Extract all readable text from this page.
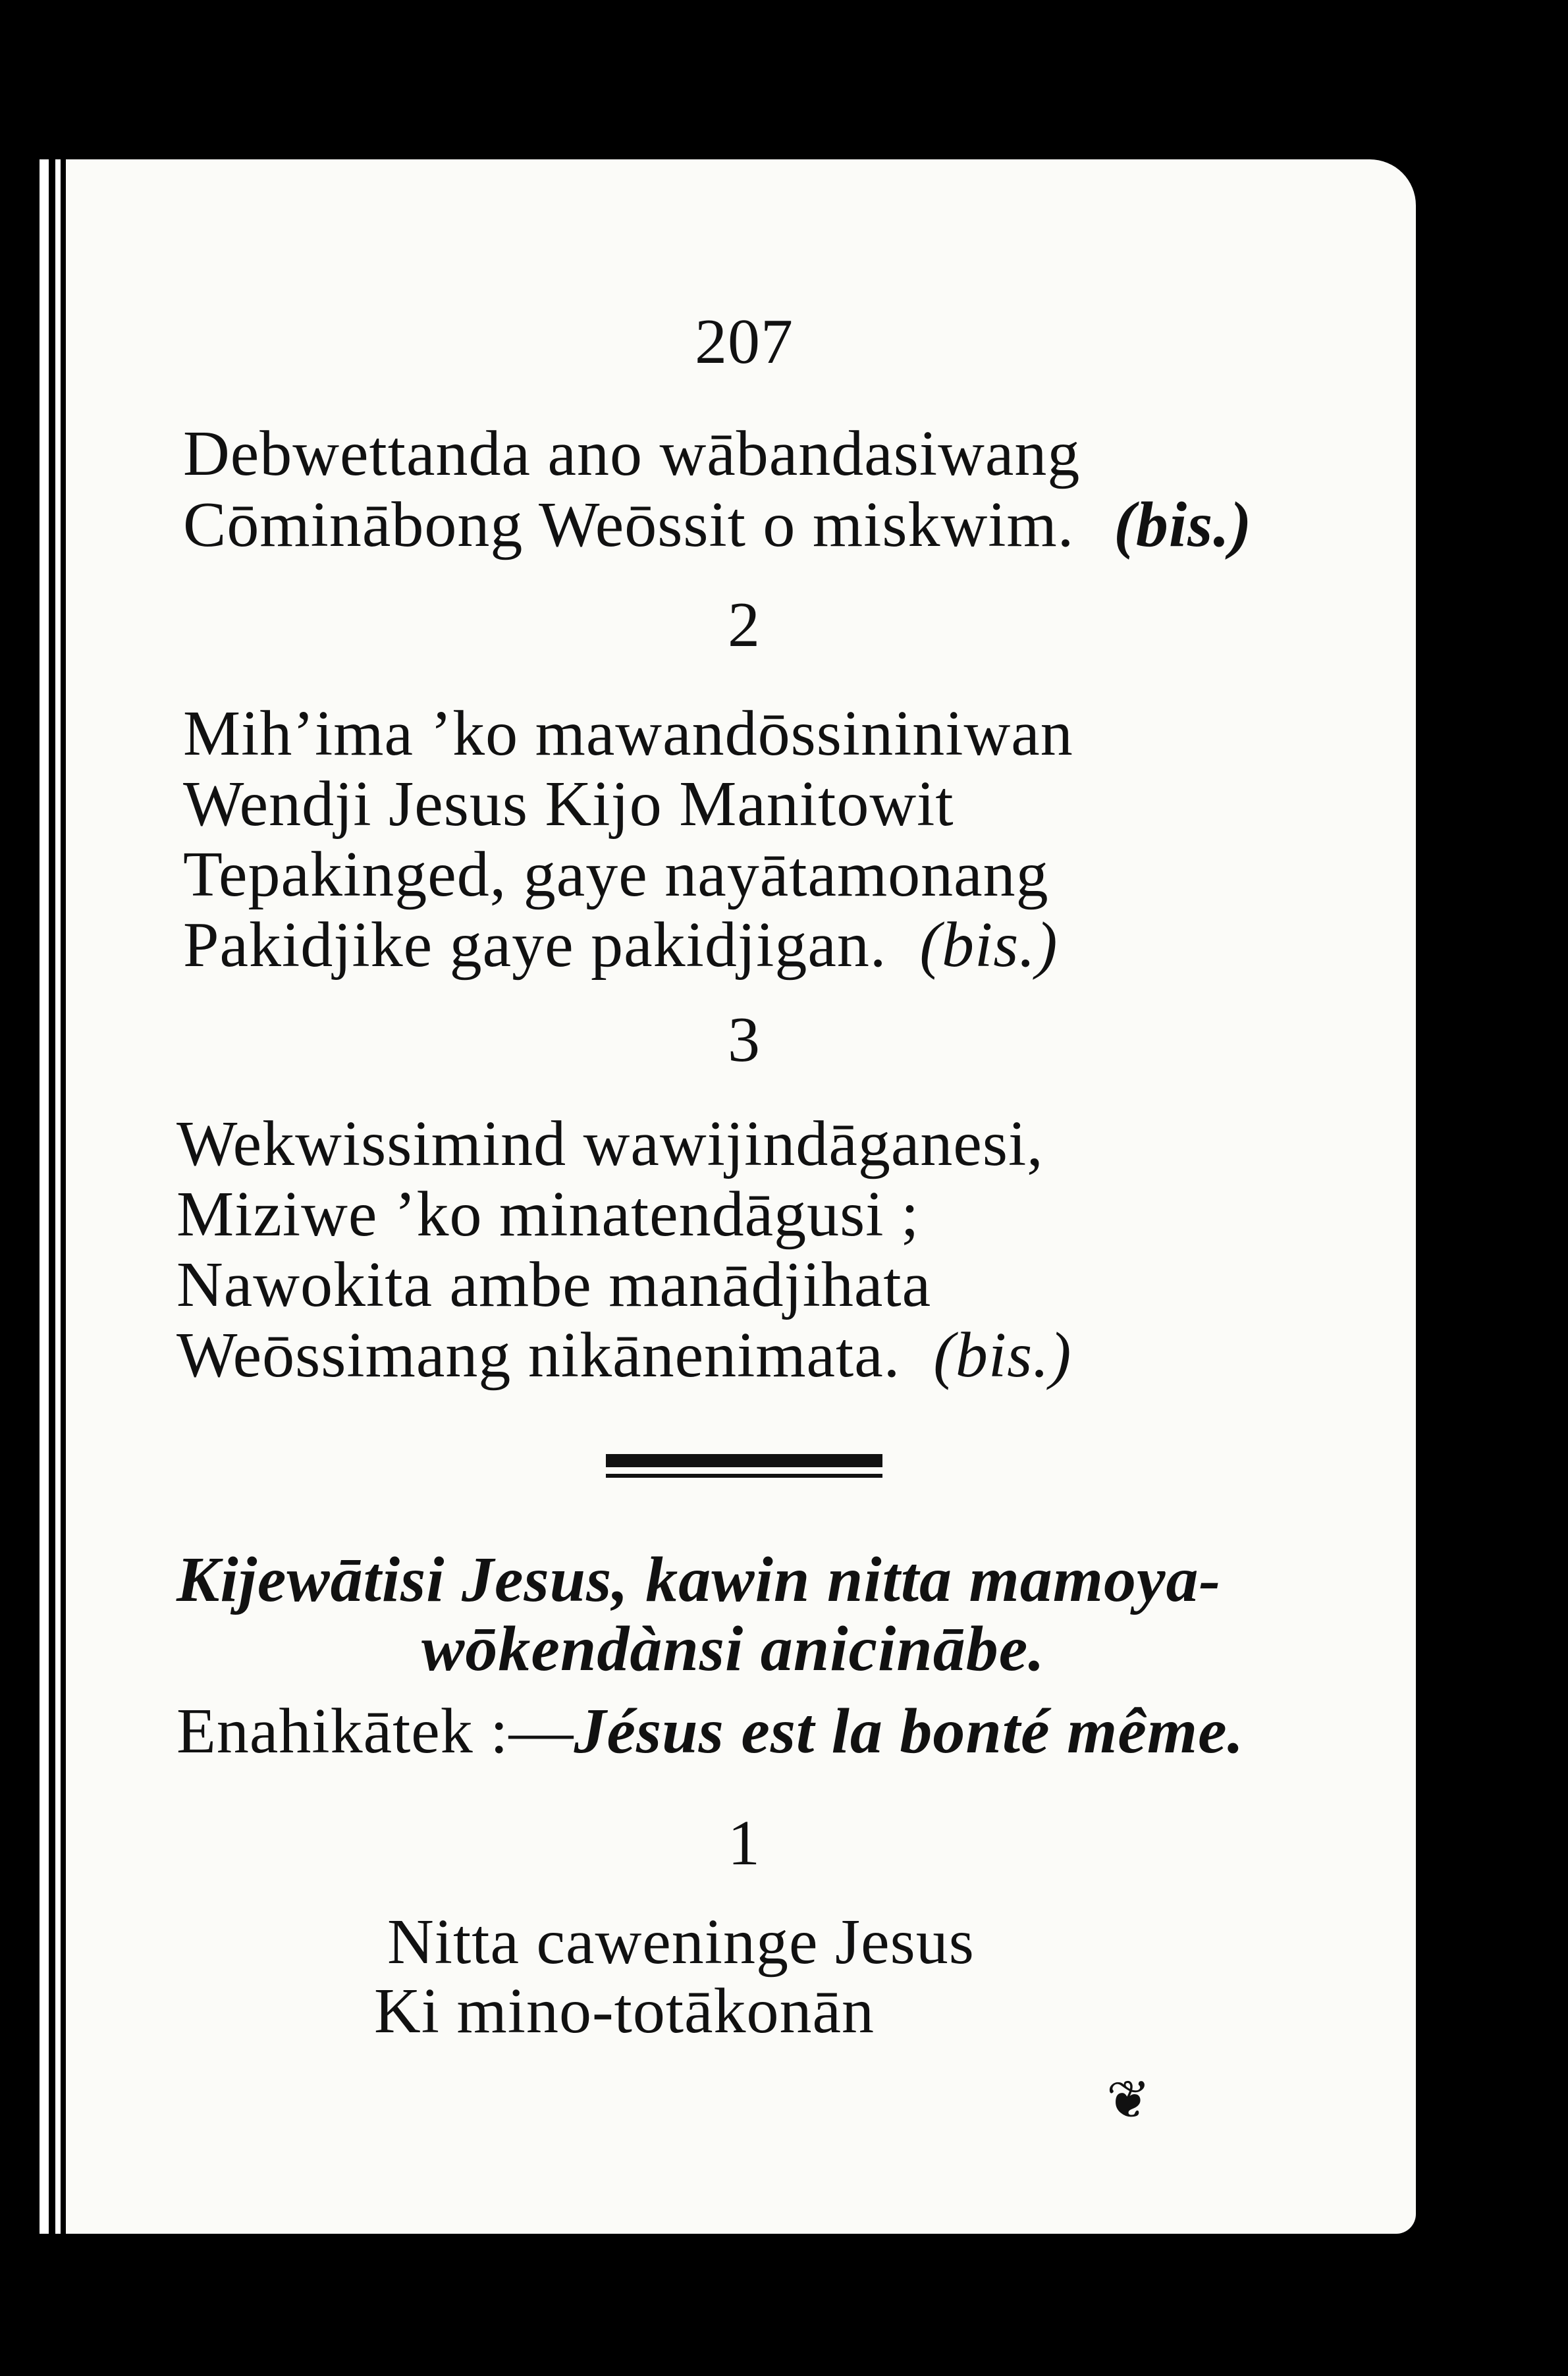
207
Debwettanda ano wābandasiwang
Cōminābong Weōssit o miskwim. (bis.)
2
Mih’ima ’ko mawandōssininiwan
Wendji Jesus Kijo Manitowit
Tepakinged, gaye nayātamonang
Pakidjike gaye pakidjigan. (bis.)
3
Wekwissimind wawijindāganesi,
Miziwe ’ko minatendāgusi ;
Nawokita ambe manādjihata
Weōssimang nikānenimata. (bis.)
Kijewātisi Jesus, kawin nitta mamoya-
wōkendànsi anicinābe.
Enahikātek :—Jésus est la bonté même.
1
Nitta caweninge Jesus
Ki mino-totākonān
❦
